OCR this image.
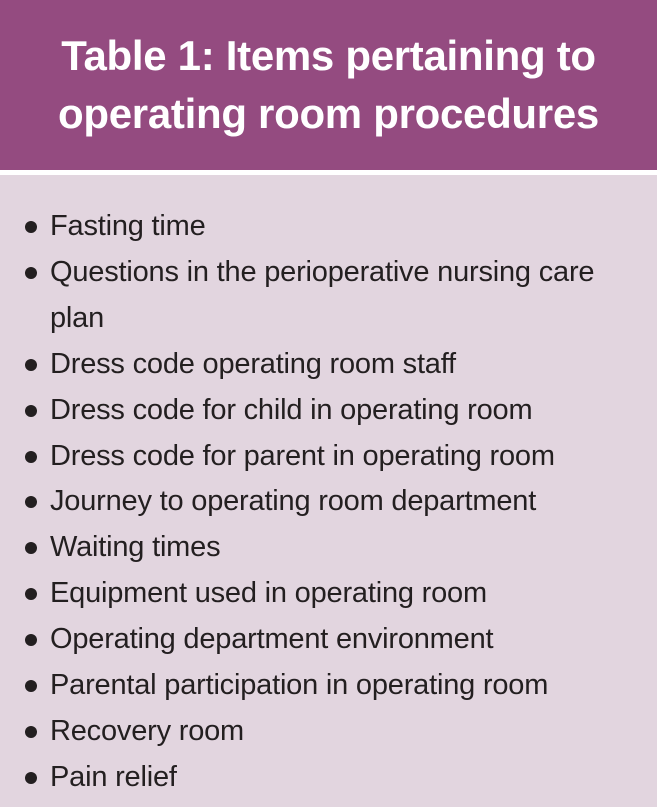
Table 1: Items pertaining to operating room procedures
Fasting time
Questions in the perioperative nursing care plan
Dress code operating room staff
Dress code for child in operating room
Dress code for parent in operating room
Journey to operating room department
Waiting times
Equipment used in operating room
Operating department environment
Parental participation in operating room
Recovery room
Pain relief
